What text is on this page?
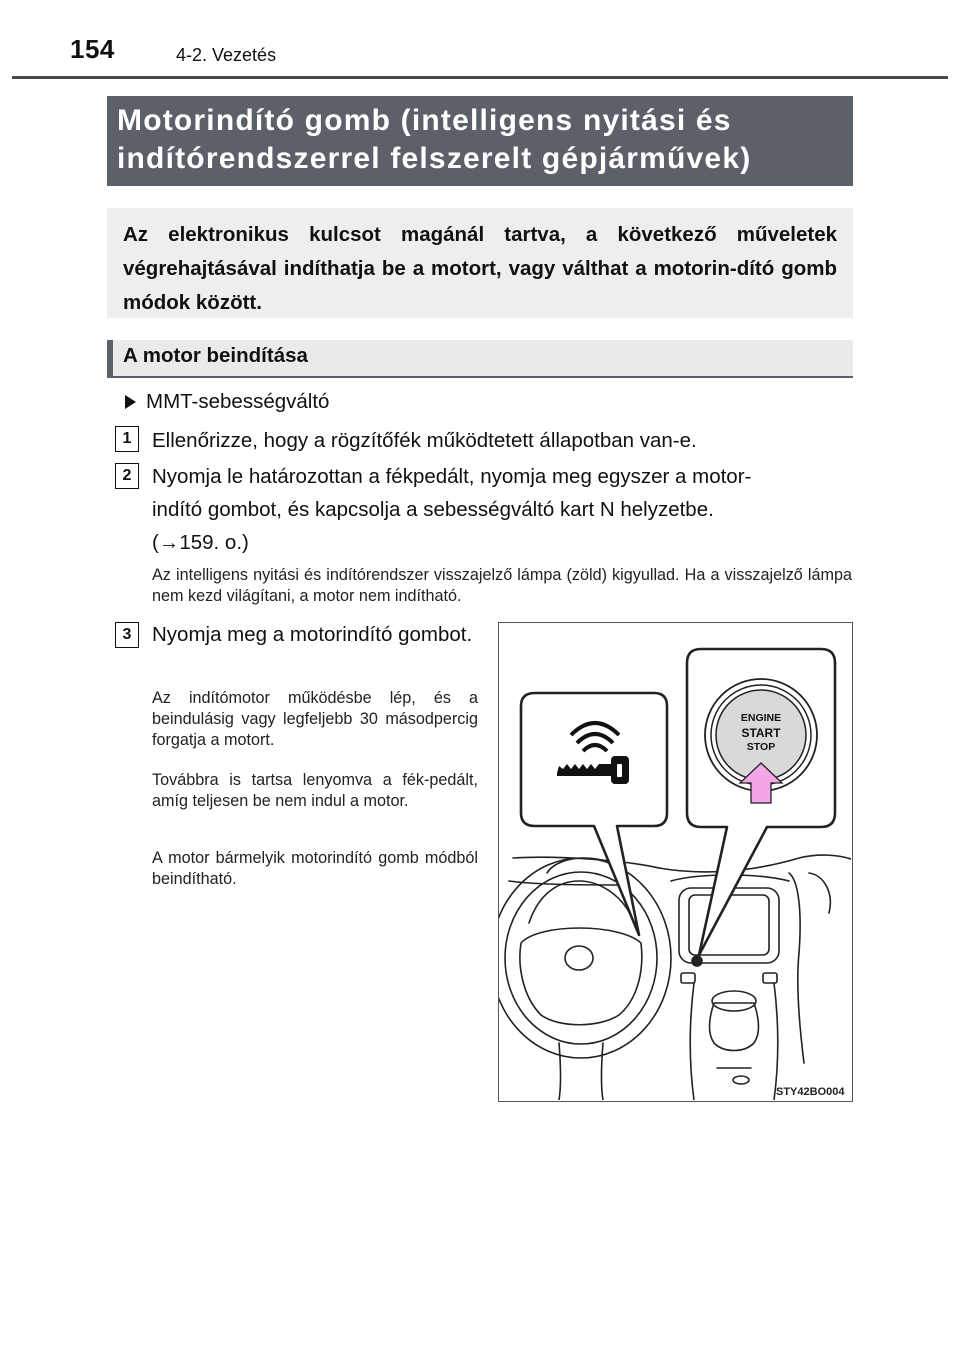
154	4-2. Vezetés
Motorindító gomb (intelligens nyitási és
indítórendszerrel felszerelt gépjárművek)
Az elektronikus kulcsot magánál tartva, a következő műveletek végrehajtásával indíthatja be a motort, vagy válthat a motorin-dító gomb módok között.
A motor beindítása
MMT-sebességváltó
1	Ellenőrizze, hogy a rögzítőfék működtetett állapotban van-e.
2	Nyomja le határozottan a fékpedált, nyomja meg egyszer a motor-
indító gombot, és kapcsolja a sebességváltó kart N helyzetbe.
(→159. o.)
Az intelligens nyitási és indítórendszer visszajelző lámpa (zöld) kigyullad. Ha a visszajelző lámpa nem kezd világítani, a motor nem indítható.
3	Nyomja meg a motorindító gombot.
Az indítómotor működésbe lép, és a beindulásig vagy legfeljebb 30 másodpercig forgatja a motort.
Továbbra is tartsa lenyomva a fék-pedált, amíg teljesen be nem indul a motor.
A motor bármelyik motorindító gomb módból beindítható.
ENGINE
START
STOP
STY42BO004
